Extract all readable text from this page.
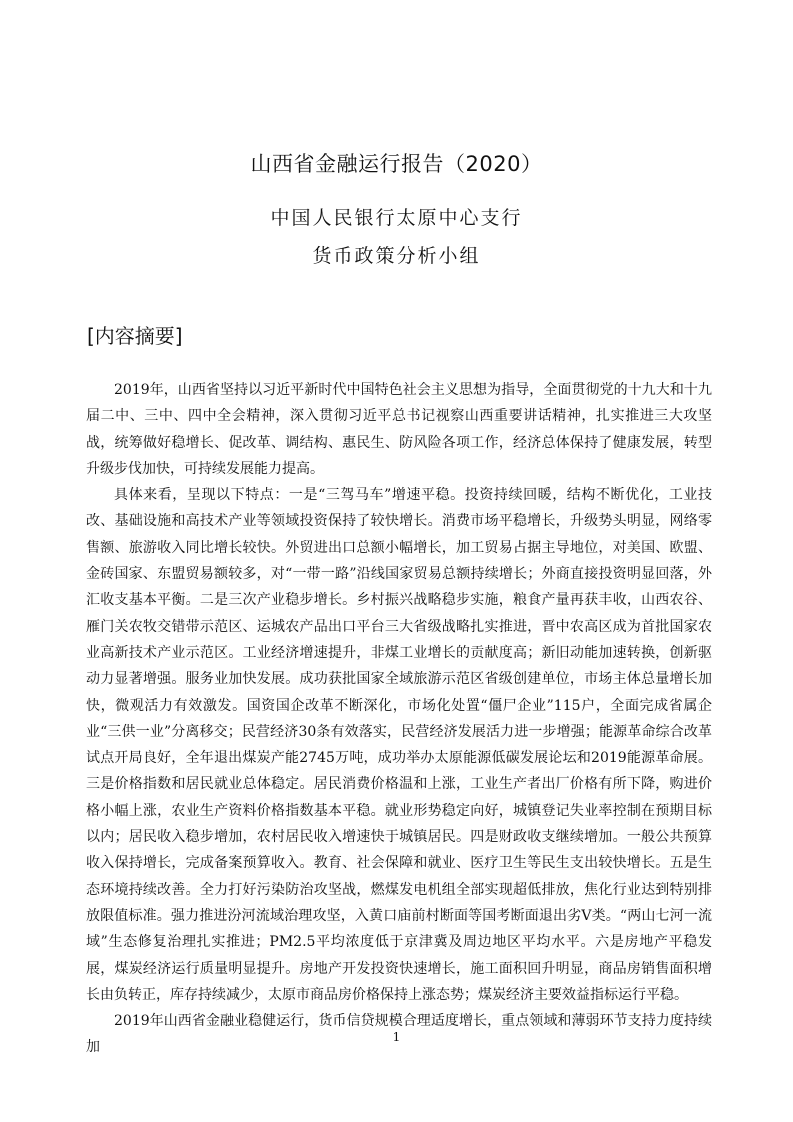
山西省金融运行报告（2020）
中国人民银行太原中心支行
货币政策分析小组
[内容摘要]

2019年，山西省坚持以习近平新时代中国特色社会主义思想为指导，全面贯彻党的十九大和十九届二中、三中、四中全会精神，深入贯彻习近平总书记视察山西重要讲话精神，扎实推进三大攻坚战，统筹做好稳增长、促改革、调结构、惠民生、防风险各项工作，经济总体保持了健康发展，转型升级步伐加快，可持续发展能力提高。

具体来看，呈现以下特点：一是“三驾马车”增速平稳。投资持续回暖，结构不断优化，工业技改、基础设施和高技术产业等领域投资保持了较快增长。消费市场平稳增长，升级势头明显，网络零售额、旅游收入同比增长较快。外贸进出口总额小幅增长，加工贸易占据主导地位，对美国、欧盟、金砖国家、东盟贸易额较多，对“一带一路”沿线国家贸易总额持续增长；外商直接投资明显回落，外汇收支基本平衡。二是三次产业稳步增长。乡村振兴战略稳步实施，粮食产量再获丰收，山西农谷、雁门关农牧交错带示范区、运城农产品出口平台三大省级战略扎实推进，晋中农高区成为首批国家农业高新技术产业示范区。工业经济增速提升，非煤工业增长的贡献度高；新旧动能加速转换，创新驱动力显著增强。服务业加快发展。成功获批国家全域旅游示范区省级创建单位，市场主体总量增长加快，微观活力有效激发。国资国企改革不断深化，市场化处置“僵尸企业”115户，全面完成省属企业“三供一业”分离移交；民营经济30条有效落实，民营经济发展活力进一步增强；能源革命综合改革试点开局良好，全年退出煤炭产能2745万吨，成功举办太原能源低碳发展论坛和2019能源革命展。三是价格指数和居民就业总体稳定。居民消费价格温和上涨，工业生产者出厂价格有所下降，购进价格小幅上涨，农业生产资料价格指数基本平稳。就业形势稳定向好，城镇登记失业率控制在预期目标以内；居民收入稳步增加，农村居民收入增速快于城镇居民。四是财政收支继续增加。一般公共预算收入保持增长，完成备案预算收入。教育、社会保障和就业、医疗卫生等民生支出较快增长。五是生态环境持续改善。全力打好污染防治攻坚战，燃煤发电机组全部实现超低排放，焦化行业达到特别排放限值标准。强力推进汾河流域治理攻坚，入黄口庙前村断面等国考断面退出劣V类。“两山七河一流域”生态修复治理扎实推进；PM2.5平均浓度低于京津冀及周边地区平均水平。六是房地产平稳发展，煤炭经济运行质量明显提升。房地产开发投资快速增长，施工面积回升明显，商品房销售面积增长由负转正，库存持续减少，太原市商品房价格保持上涨态势；煤炭经济主要效益指标运行平稳。

2019年山西省金融业稳健运行，货币信贷规模合理适度增长，重点领域和薄弱环节支持力度持续加

1
